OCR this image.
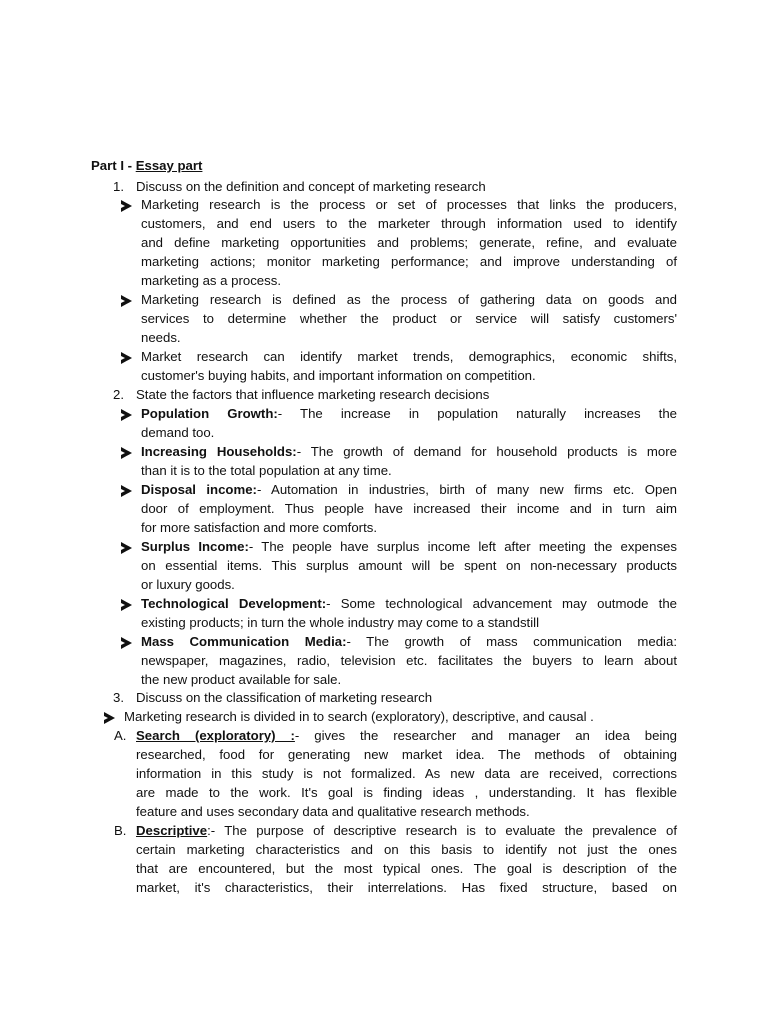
Part I - Essay part
1. Discuss on the definition and concept of marketing research
Marketing research is the process or set of processes that links the producers,
customers, and end users to the marketer through information used to identify
and define marketing opportunities and problems; generate, refine, and evaluate
marketing actions; monitor marketing performance; and improve understanding of
marketing as a process.
Marketing research is defined as the process of gathering data on goods and
services to determine whether the product or service will satisfy customers'
needs.
Market research can identify market trends, demographics, economic shifts,
customer's buying habits, and important information on competition.
2. State the factors that influence marketing research decisions
Population Growth:- The increase in population naturally increases the
demand too.
Increasing Households:- The growth of demand for household products is more
than it is to the total population at any time.
Disposal income:- Automation in industries, birth of many new firms etc. Open
door of employment. Thus people have increased their income and in turn aim
for more satisfaction and more comforts.
Surplus Income:- The people have surplus income left after meeting the expenses
on essential items. This surplus amount will be spent on non-necessary products
or luxury goods.
Technological Development:- Some technological advancement may outmode the
existing products; in turn the whole industry may come to a standstill
Mass Communication Media:- The growth of mass communication media:
newspaper, magazines, radio, television etc. facilitates the buyers to learn about
the new product available for sale.
3. Discuss on the classification of marketing research
Marketing research is divided in to search (exploratory), descriptive, and causal .
A. Search (exploratory) :- gives the researcher and manager an idea being
researched, food for generating new market idea. The methods of obtaining
information in this study is not formalized. As new data are received, corrections
are made to the work. It's goal is finding ideas , understanding. It has flexible
feature and uses secondary data and qualitative research methods.
B. Descriptive:- The purpose of descriptive research is to evaluate the prevalence of
certain marketing characteristics and on this basis to identify not just the ones
that are encountered, but the most typical ones. The goal is description of the
market, it's characteristics, their interrelations. Has fixed structure, based on
